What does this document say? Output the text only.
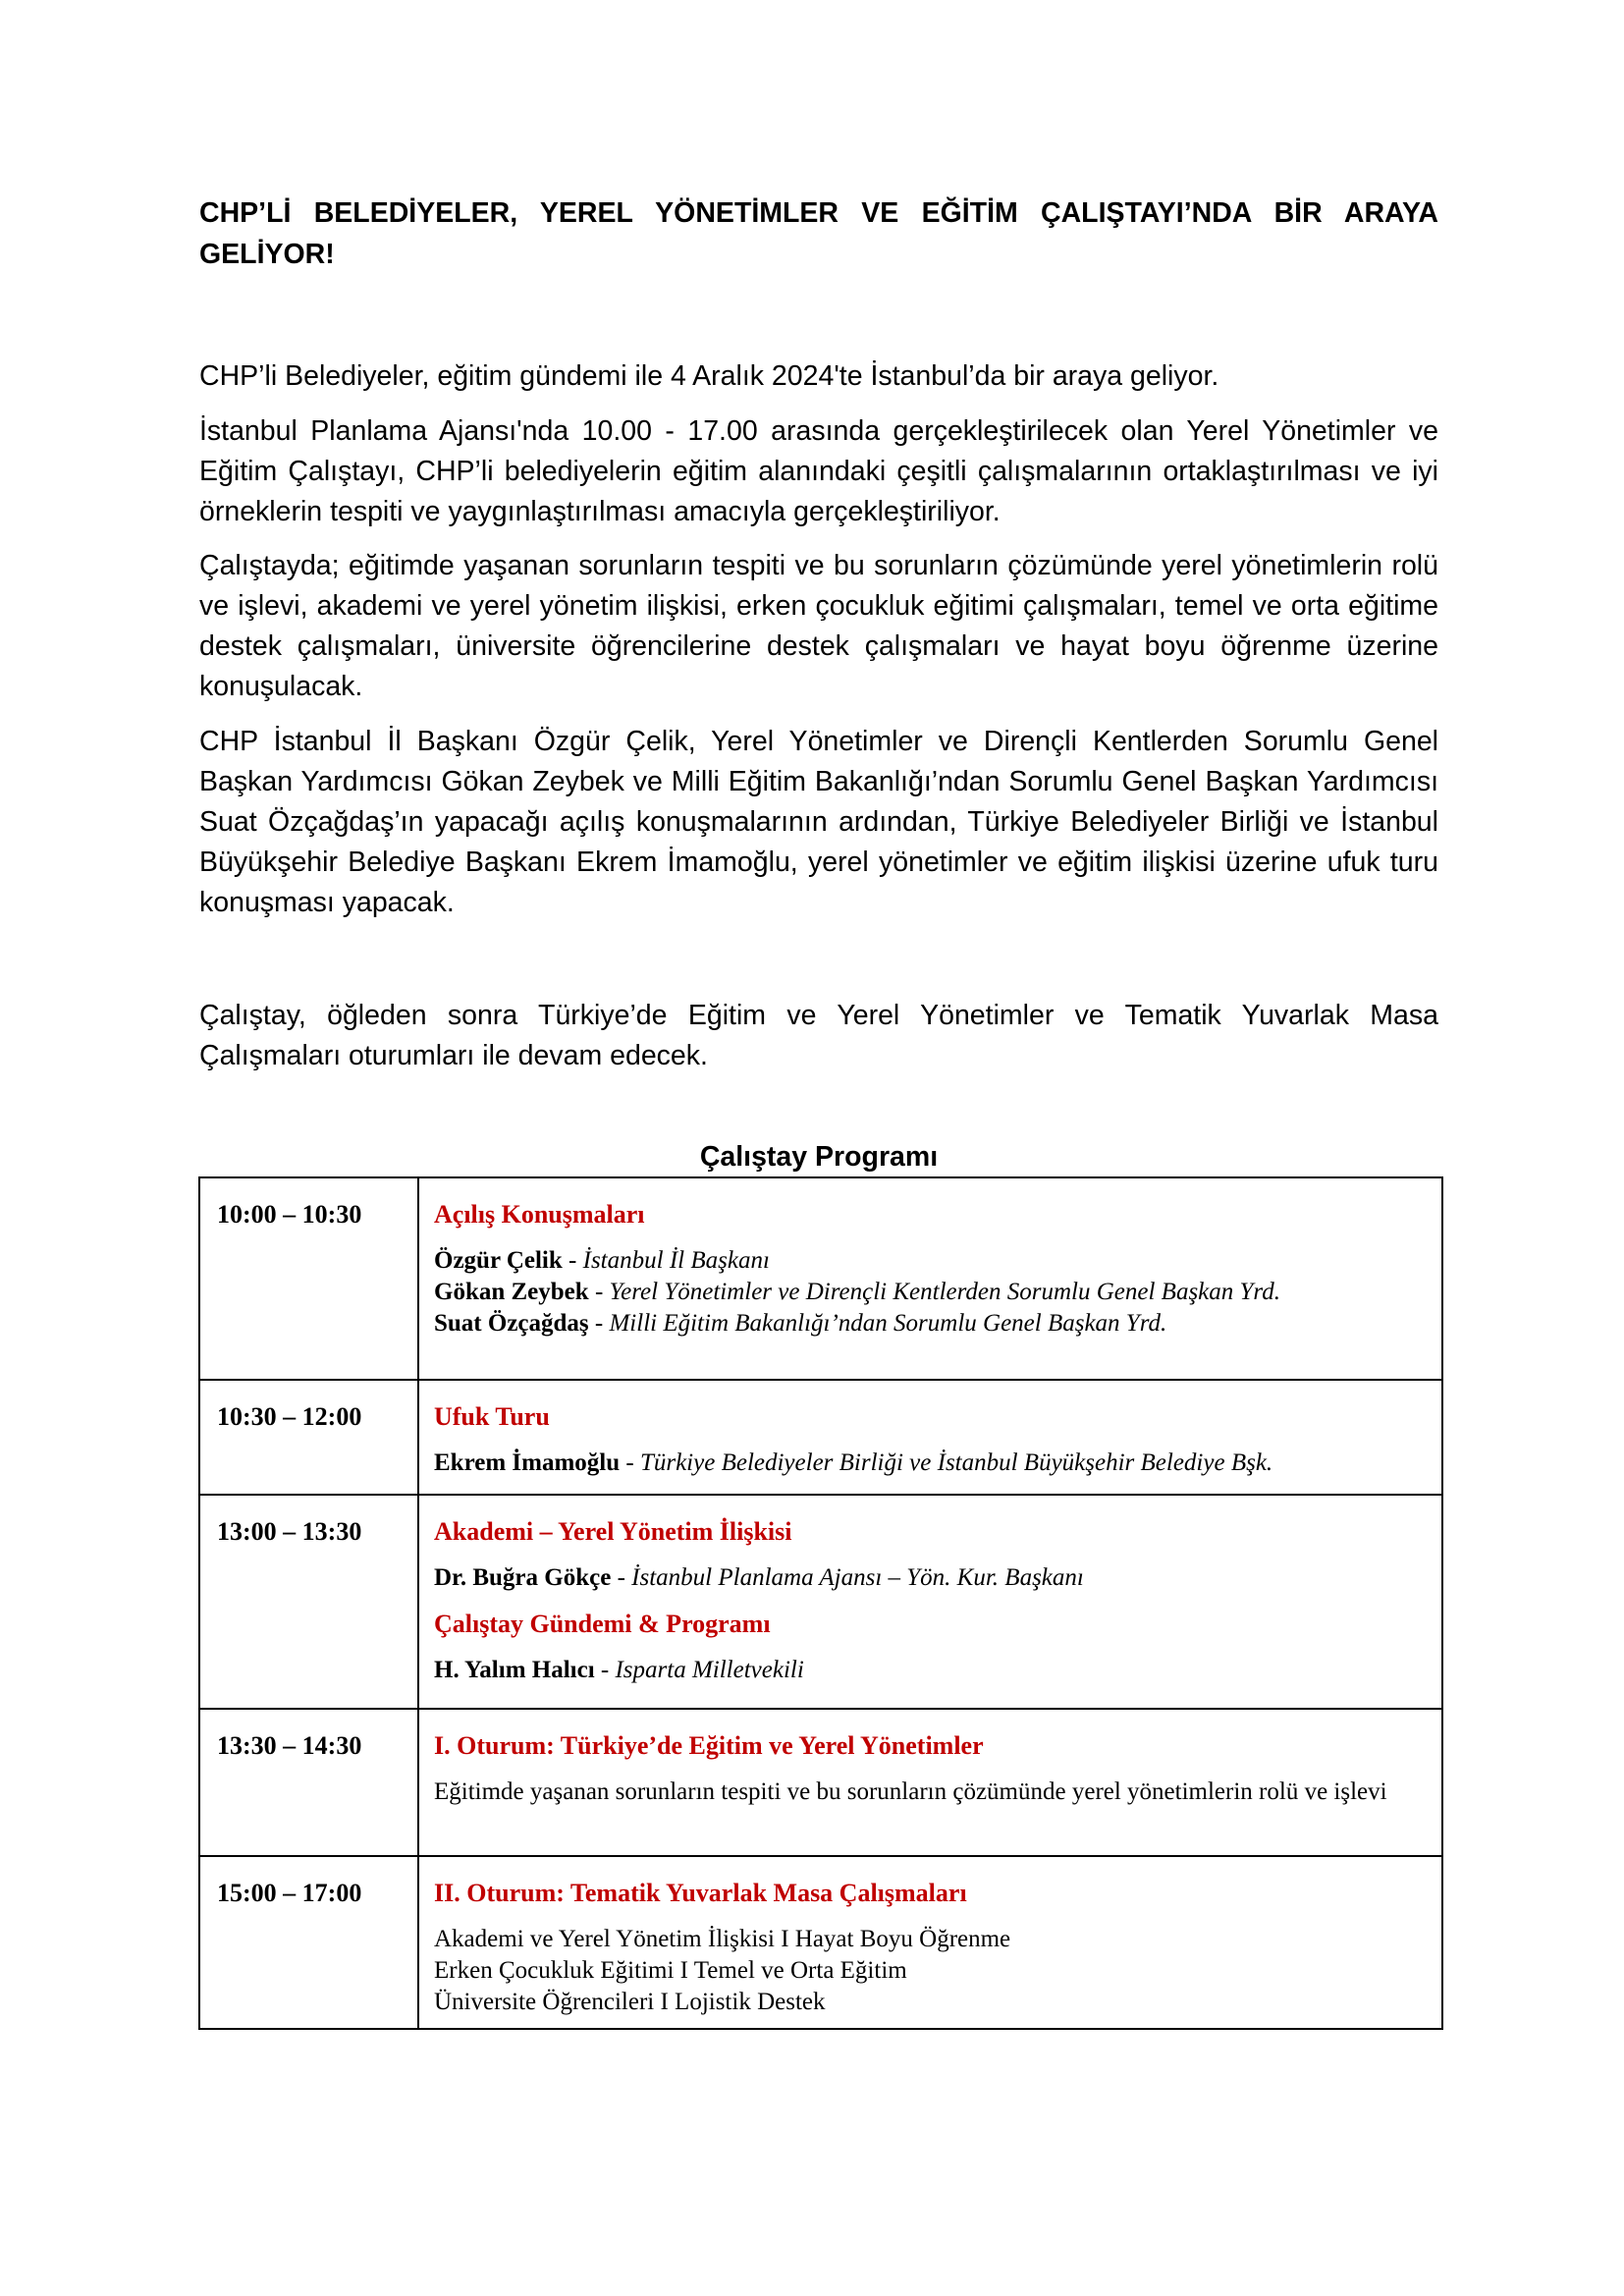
CHP’Lİ BELEDİYELER, YEREL YÖNETİMLER VE EĞİTİM ÇALIŞTAYI’NDA BİR ARAYA GELİYOR!

CHP’li Belediyeler, eğitim gündemi ile 4 Aralık 2024'te İstanbul’da bir araya geliyor.

İstanbul Planlama Ajansı'nda 10.00 - 17.00 arasında gerçekleştirilecek olan Yerel Yönetimler ve Eğitim Çalıştayı, CHP’li belediyelerin eğitim alanındaki çeşitli çalışmalarının ortaklaştırılması ve iyi örneklerin tespiti ve yaygınlaştırılması amacıyla gerçekleştiriliyor.

Çalıştayda; eğitimde yaşanan sorunların tespiti ve bu sorunların çözümünde yerel yönetimlerin rolü ve işlevi, akademi ve yerel yönetim ilişkisi, erken çocukluk eğitimi çalışmaları, temel ve orta eğitime destek çalışmaları, üniversite öğrencilerine destek çalışmaları ve hayat boyu öğrenme üzerine konuşulacak.

CHP İstanbul İl Başkanı Özgür Çelik, Yerel Yönetimler ve Dirençli Kentlerden Sorumlu Genel Başkan Yardımcısı Gökan Zeybek ve Milli Eğitim Bakanlığı’ndan Sorumlu Genel Başkan Yardımcısı Suat Özçağdaş’ın yapacağı açılış konuşmalarının ardından, Türkiye Belediyeler Birliği ve İstanbul Büyükşehir Belediye Başkanı Ekrem İmamoğlu, yerel yönetimler ve eğitim ilişkisi üzerine ufuk turu konuşması yapacak.

Çalıştay, öğleden sonra Türkiye’de Eğitim ve Yerel Yönetimler ve Tematik Yuvarlak Masa Çalışmaları oturumları ile devam edecek.

Çalıştay Programı
10:00 – 10:30	Açılış Konuşmaları
Özgür Çelik - İstanbul İl Başkanı
Gökan Zeybek - Yerel Yönetimler ve Dirençli Kentlerden Sorumlu Genel Başkan Yrd.
Suat Özçağdaş - Milli Eğitim Bakanlığı’ndan Sorumlu Genel Başkan Yrd.

10:30 – 12:00	Ufuk Turu
Ekrem İmamoğlu - Türkiye Belediyeler Birliği ve İstanbul Büyükşehir Belediye Bşk.

13:00 – 13:30	Akademi – Yerel Yönetim İlişkisi
Dr. Buğra Gökçe - İstanbul Planlama Ajansı – Yön. Kur. Başkanı
Çalıştay Gündemi & Programı
H. Yalım Halıcı - Isparta Milletvekili

13:30 – 14:30	I. Oturum: Türkiye’de Eğitim ve Yerel Yönetimler
Eğitimde yaşanan sorunların tespiti ve bu sorunların çözümünde yerel yönetimlerin rolü ve işlevi

15:00 – 17:00	II. Oturum: Tematik Yuvarlak Masa Çalışmaları
Akademi ve Yerel Yönetim İlişkisi I Hayat Boyu Öğrenme
Erken Çocukluk Eğitimi I Temel ve Orta Eğitim
Üniversite Öğrencileri I Lojistik Destek
